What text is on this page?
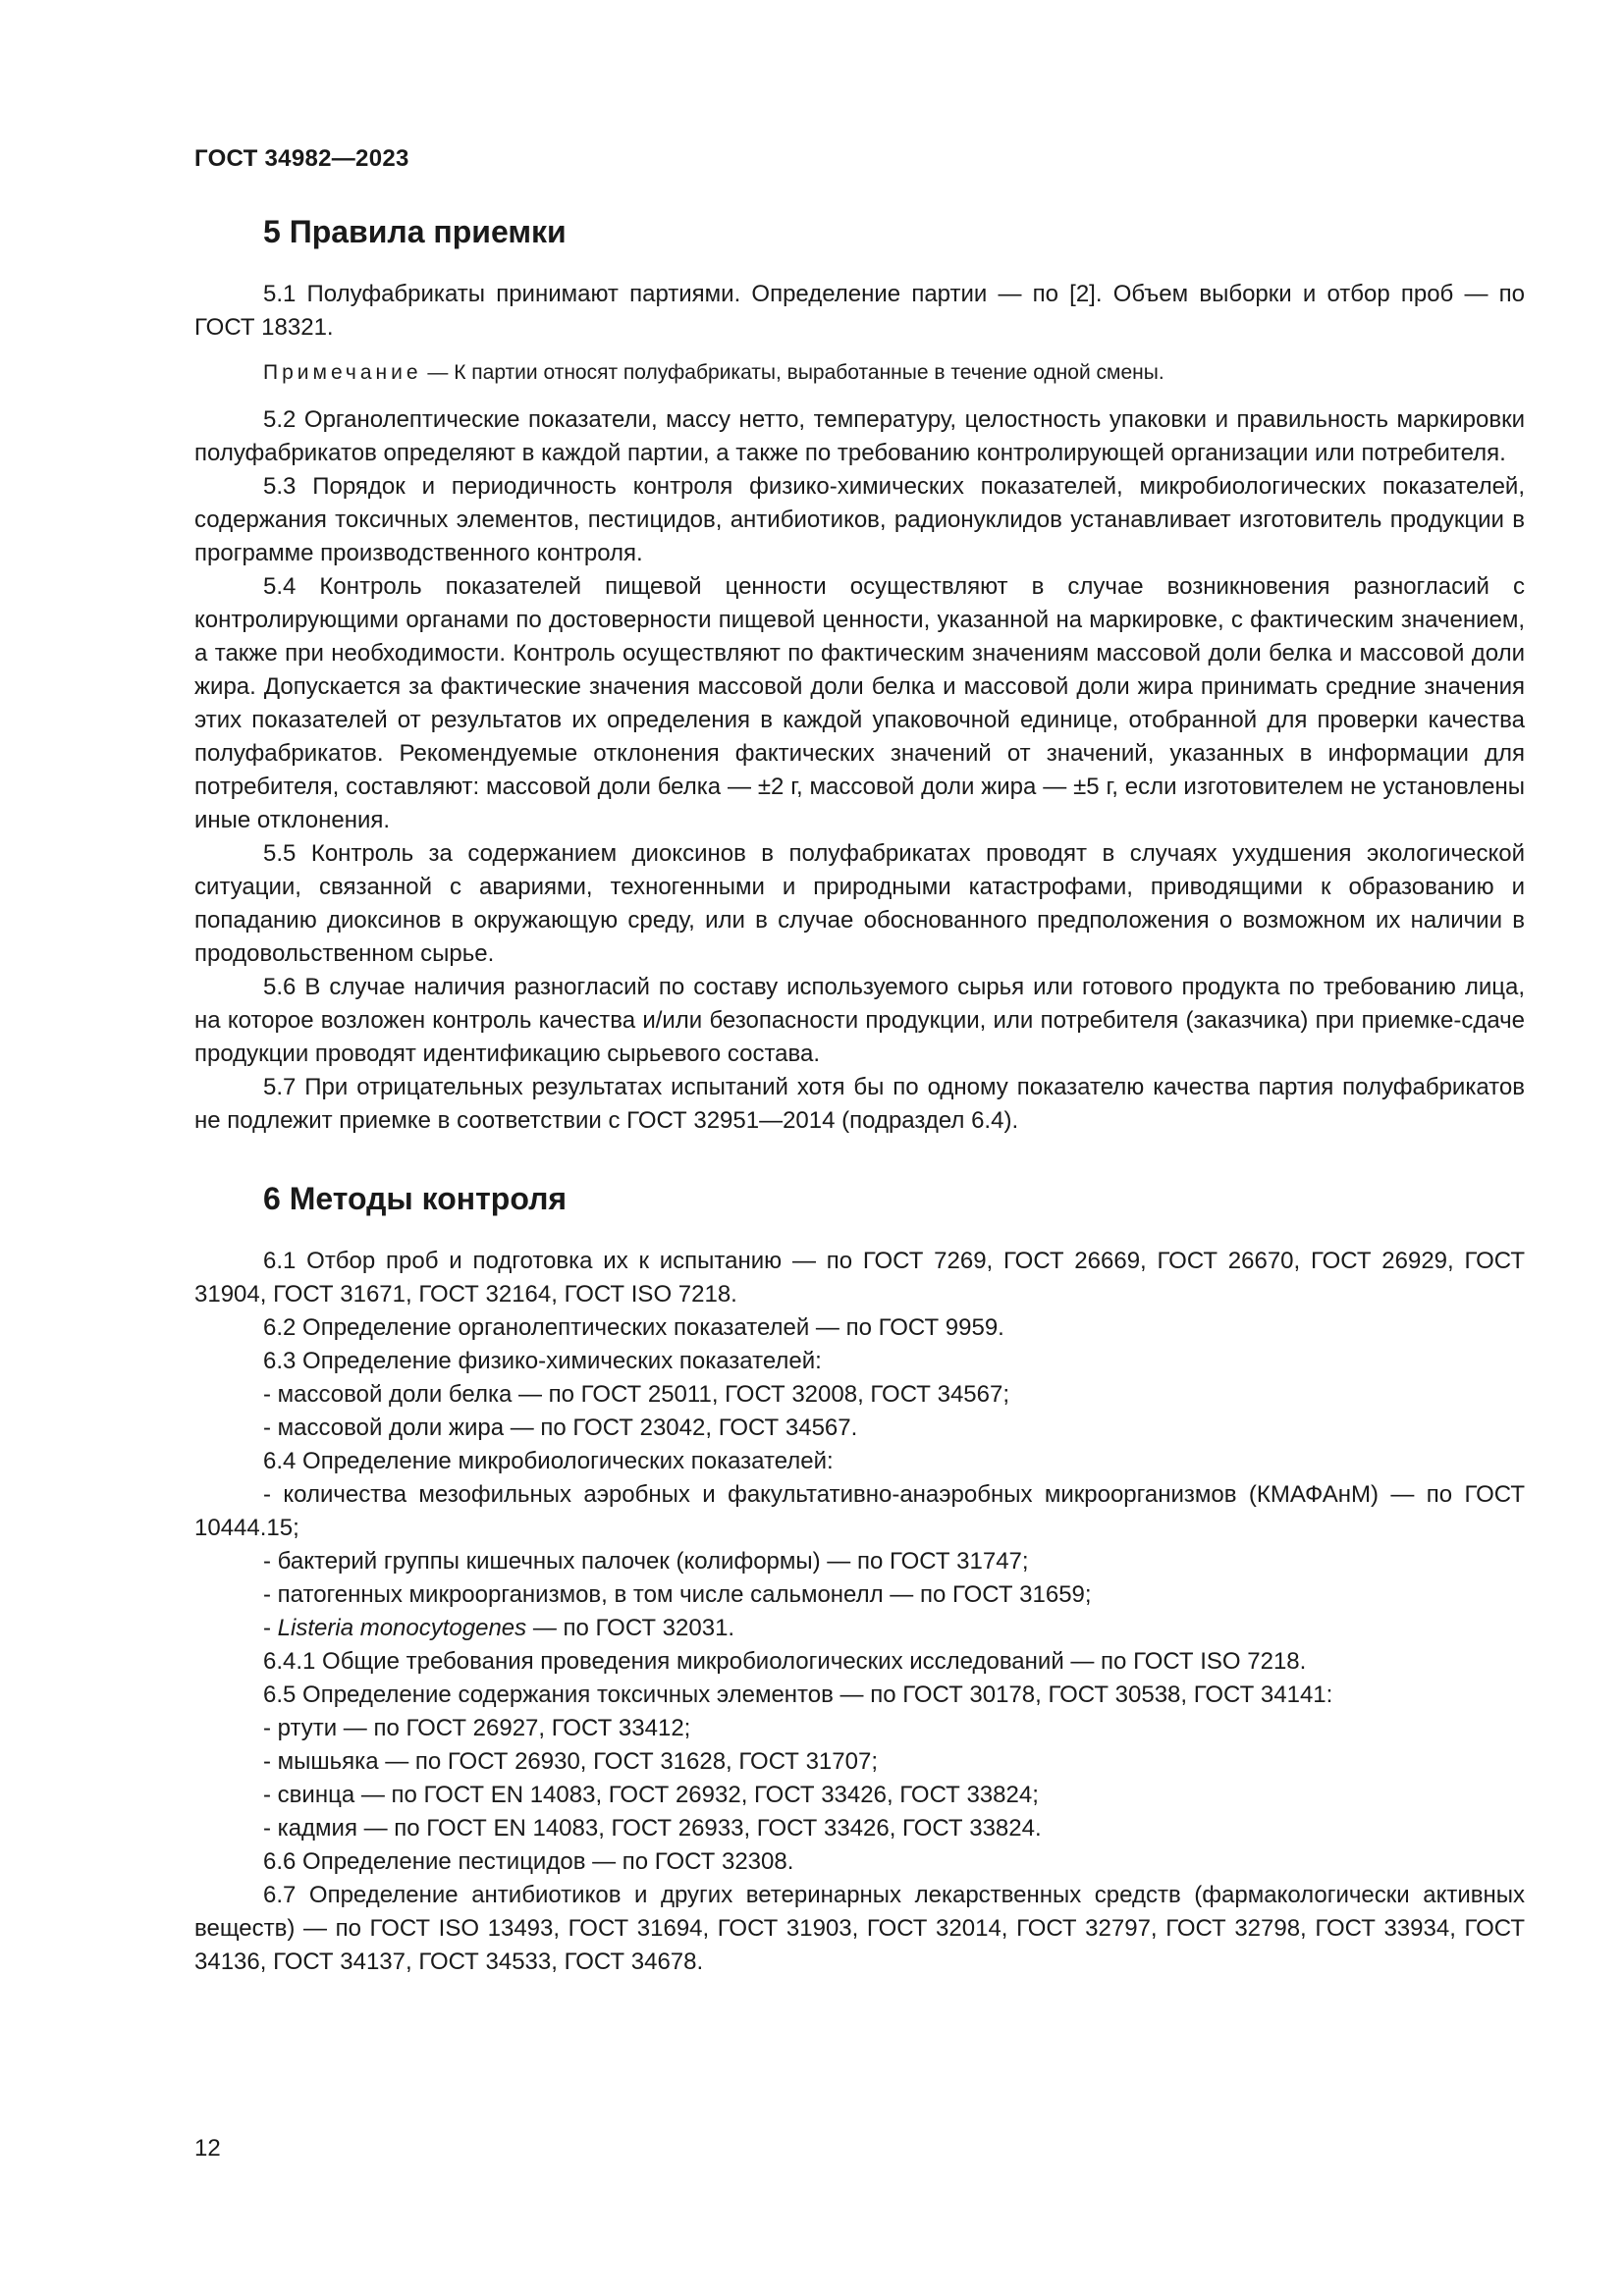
ГОСТ 34982—2023
5 Правила приемки

5.1 Полуфабрикаты принимают партиями. Определение партии — по [2]. Объем выборки и отбор проб — по ГОСТ 18321.

Примечание — К партии относят полуфабрикаты, выработанные в течение одной смены.

5.2 Органолептические показатели, массу нетто, температуру, целостность упаковки и правильность маркировки полуфабрикатов определяют в каждой партии, а также по требованию контролирующей организации или потребителя.

5.3 Порядок и периодичность контроля физико-химических показателей, микробиологических показателей, содержания токсичных элементов, пестицидов, антибиотиков, радионуклидов устанавливает изготовитель продукции в программе производственного контроля.

5.4 Контроль показателей пищевой ценности осуществляют в случае возникновения разногласий с контролирующими органами по достоверности пищевой ценности, указанной на маркировке, с фактическим значением, а также при необходимости. Контроль осуществляют по фактическим значениям массовой доли белка и массовой доли жира. Допускается за фактические значения массовой доли белка и массовой доли жира принимать средние значения этих показателей от результатов их определения в каждой упаковочной единице, отобранной для проверки качества полуфабрикатов. Рекомендуемые отклонения фактических значений от значений, указанных в информации для потребителя, составляют: массовой доли белка — ±2 г, массовой доли жира — ±5 г, если изготовителем не установлены иные отклонения.

5.5 Контроль за содержанием диоксинов в полуфабрикатах проводят в случаях ухудшения экологической ситуации, связанной с авариями, техногенными и природными катастрофами, приводящими к образованию и попаданию диоксинов в окружающую среду, или в случае обоснованного предположения о возможном их наличии в продовольственном сырье.

5.6 В случае наличия разногласий по составу используемого сырья или готового продукта по требованию лица, на которое возложен контроль качества и/или безопасности продукции, или потребителя (заказчика) при приемке-сдаче продукции проводят идентификацию сырьевого состава.

5.7 При отрицательных результатах испытаний хотя бы по одному показателю качества партия полуфабрикатов не подлежит приемке в соответствии с ГОСТ 32951—2014 (подраздел 6.4).

6 Методы контроля

6.1 Отбор проб и подготовка их к испытанию — по ГОСТ 7269, ГОСТ 26669, ГОСТ 26670, ГОСТ 26929, ГОСТ 31904, ГОСТ 31671, ГОСТ 32164, ГОСТ ISO 7218.

6.2 Определение органолептических показателей — по ГОСТ 9959.

6.3 Определение физико-химических показателей:

- массовой доли белка — по ГОСТ 25011, ГОСТ 32008, ГОСТ 34567;

- массовой доли жира — по ГОСТ 23042, ГОСТ 34567.

6.4 Определение микробиологических показателей:

- количества мезофильных аэробных и факультативно-анаэробных микроорганизмов (КМАФАнМ) — по ГОСТ 10444.15;

- бактерий группы кишечных палочек (колиформы) — по ГОСТ 31747;

- патогенных микроорганизмов, в том числе сальмонелл — по ГОСТ 31659;

- Listeria monocytogenes — по ГОСТ 32031.

6.4.1 Общие требования проведения микробиологических исследований — по ГОСТ ISO 7218.

6.5 Определение содержания токсичных элементов — по ГОСТ 30178, ГОСТ 30538, ГОСТ 34141:

- ртути — по ГОСТ 26927, ГОСТ 33412;

- мышьяка — по ГОСТ 26930, ГОСТ 31628, ГОСТ 31707;

- свинца — по ГОСТ EN 14083, ГОСТ 26932, ГОСТ 33426, ГОСТ 33824;

- кадмия — по ГОСТ EN 14083, ГОСТ 26933, ГОСТ 33426, ГОСТ 33824.

6.6 Определение пестицидов — по ГОСТ 32308.

6.7 Определение антибиотиков и других ветеринарных лекарственных средств (фармакологически активных веществ) — по ГОСТ ISO 13493, ГОСТ 31694, ГОСТ 31903, ГОСТ 32014, ГОСТ 32797, ГОСТ 32798, ГОСТ 33934, ГОСТ 34136, ГОСТ 34137, ГОСТ 34533, ГОСТ 34678.

12
